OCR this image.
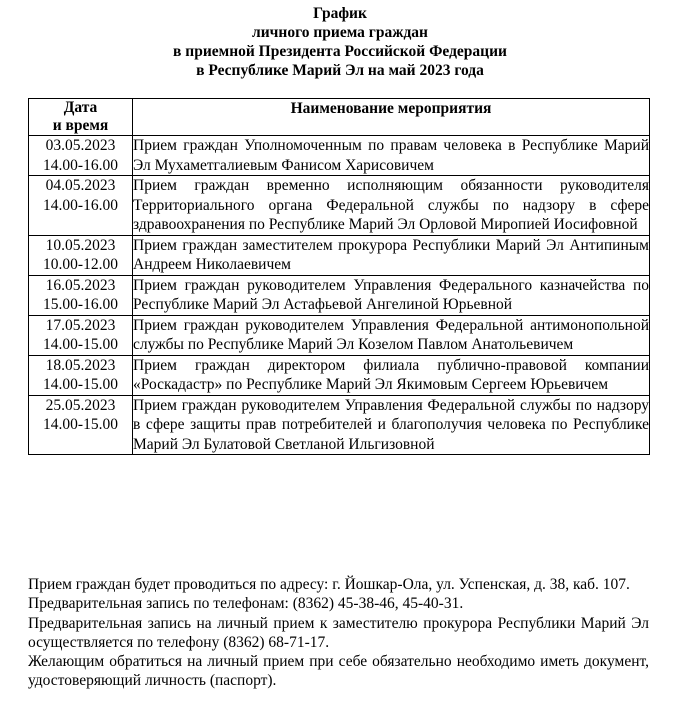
График
личного приема граждан
в приемной Президента Российской Федерации
в Республике Марий Эл на май 2023 года
Дата
и время	Наименование мероприятия

03.05.2023
14.00-16.00	Прием граждан Уполномоченным по правам человека в Республике Марий Эл Мухаметгалиевым Фанисом Харисовичем

04.05.2023
14.00-16.00	Прием граждан временно исполняющим обязанности руководителя Территориального органа Федеральной службы по надзору в сфере здравоохранения по Республике Марий Эл Орловой Миропией Иосифовной

10.05.2023
10.00-12.00	Прием граждан заместителем прокурора Республики Марий Эл Антипиным Андреем Николаевичем

16.05.2023
15.00-16.00	Прием граждан руководителем Управления Федерального казначейства по Республике Марий Эл Астафьевой Ангелиной Юрьевной

17.05.2023
14.00-15.00	Прием граждан руководителем Управления Федеральной антимонопольной службы по Республике Марий Эл Козелом Павлом Анатольевичем

18.05.2023
14.00-15.00	Прием граждан директором филиала публично-правовой компании «Роскадастр» по Республике Марий Эл Якимовым Сергеем Юрьевичем

25.05.2023
14.00-15.00	Прием граждан руководителем Управления Федеральной службы по надзору в сфере защиты прав потребителей и благополучия человека по Республике Марий Эл Булатовой Светланой Ильгизовной

Прием граждан будет проводиться по адресу: г. Йошкар-Ола, ул. Успенская, д. 38, каб. 107.

Предварительная запись по телефонам: (8362) 45-38-46, 45-40-31.

Предварительная запись на личный прием к заместителю прокурора Республики Марий Эл осуществляется по телефону (8362) 68-71-17.

Желающим обратиться на личный прием при себе обязательно необходимо иметь документ, удостоверяющий личность (паспорт).
